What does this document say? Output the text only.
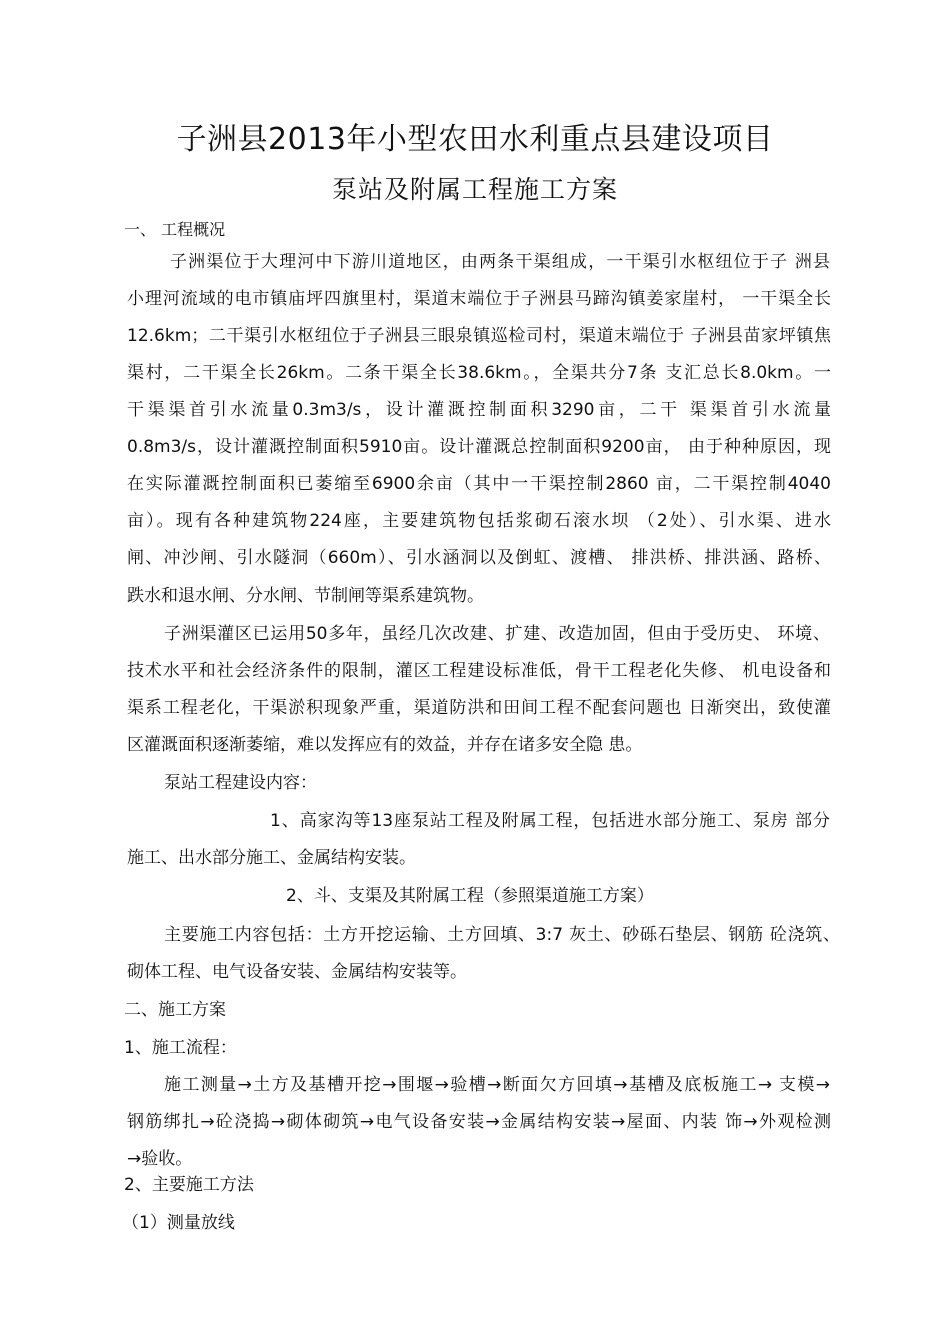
子洲县2013年小型农田水利重点县建设项目
泵站及附属工程施工方案
一、 工程概况
子洲渠位于大理河中下游川道地区，由两条干渠组成，一干渠引水枢纽位于子 洲县
小理河流域的电市镇庙坪四旗里村，渠道末端位于子洲县马蹄沟镇姜家崖村， 一干渠全长
12.6km；二干渠引水枢纽位于子洲县三眼泉镇巡检司村，渠道末端位于 子洲县苗家坪镇焦
渠村，二干渠全长26km。二条干渠全长38.6km。，全渠共分7条 支汇总长8.0km。一
干渠渠首引水流量0.3m3/s，设计灌溉控制面积3290亩，二干 渠渠首引水流量
0.8m3/s，设计灌溉控制面积5910亩。设计灌溉总控制面积9200亩， 由于种种原因，现
在实际灌溉控制面积已萎缩至6900余亩（其中一干渠控制2860 亩，二干渠控制4040
亩）。现有各种建筑物224座，主要建筑物包括浆砌石滚水坝 （2处）、引水渠、进水
闸、冲沙闸、引水隧洞（660m）、引水涵洞以及倒虹、渡槽、 排洪桥、排洪涵、路桥、
跌水和退水闸、分水闸、节制闸等渠系建筑物。
子洲渠灌区已运用50多年，虽经几次改建、扩建、改造加固，但由于受历史、 环境、
技术水平和社会经济条件的限制，灌区工程建设标准低，骨干工程老化失修、 机电设备和
渠系工程老化，干渠淤积现象严重，渠道防洪和田间工程不配套问题也 日渐突出，致使灌
区灌溉面积逐渐萎缩，难以发挥应有的效益，并存在诸多安全隐 患。
泵站工程建设内容：
1、高家沟等13座泵站工程及附属工程，包括进水部分施工、泵房 部分
施工、出水部分施工、金属结构安装。
2、斗、支渠及其附属工程（参照渠道施工方案）
主要施工内容包括：土方开挖运输、土方回填、3:7 灰土、砂砾石垫层、钢筋 砼浇筑、
砌体工程、电气设备安装、金属结构安装等。
二、施工方案
1、施工流程：
施工测量→土方及基槽开挖→围堰→验槽→断面欠方回填→基槽及底板施工→ 支模→
钢筋绑扎→砼浇捣→砌体砌筑→电气设备安装→金属结构安装→屋面、内装 饰→外观检测
→验收。
2、主要施工方法
（1）测量放线
